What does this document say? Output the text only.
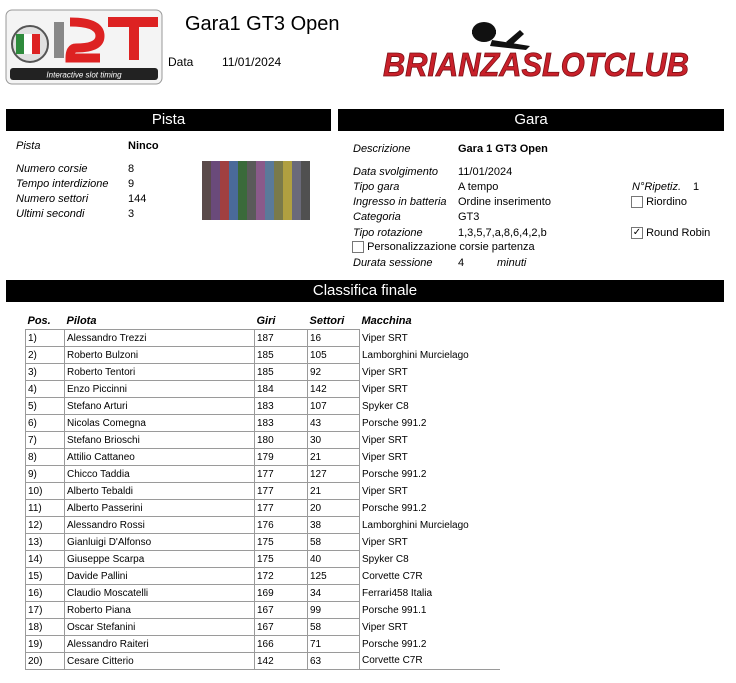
Interactive slot timing
Gara1 GT3 Open
Data 11/01/2024	BRIANZASLOTCLUB
Pista	Gara
Pista	Ninco
Numero corsie	8
Tempo interdizione 9
Numero settori	144
Ultimi secondi	3
Descrizione	Gara 1 GT3 Open
Data svolgimento 11/01/2024
Tipo gara	A tempo
Ingresso in batteria Ordine inserimento
Categoria	GT3
Tipo rotazione	1,3,5,7,a,8,6,4,2,b
Personalizzazione corsie partenza
Durata sessione 4	minuti
N°Ripetiz. 1
Riordino
✓ Round Robin
Classifica finale
Pos.	Pilota	Giri	Settori	Macchina
1)	Alessandro Trezzi	187	16	Viper SRT
2)	Roberto Bulzoni	185	105	Lamborghini Murcielago
3)	Roberto Tentori	185	92	Viper SRT
4)	Enzo Piccinni	184	142	Viper SRT
5)	Stefano Arturi	183	107	Spyker C8
6)	Nicolas Comegna	183	43	Porsche 991.2
7)	Stefano Brioschi	180	30	Viper SRT
8)	Attilio Cattaneo	179	21	Viper SRT
9)	Chicco Taddia	177	127	Porsche 991.2
10)	Alberto Tebaldi	177	21	Viper SRT
11)	Alberto Passerini	177	20	Porsche 991.2
12)	Alessandro Rossi	176	38	Lamborghini Murcielago
13)	Gianluigi D'Alfonso	175	58	Viper SRT
14)	Giuseppe Scarpa	175	40	Spyker C8
15)	Davide Pallini	172	125	Corvette C7R
16)	Claudio Moscatelli	169	34	Ferrari458 Italia
17)	Roberto Piana	167	99	Porsche 991.1
18)	Oscar Stefanini	167	58	Viper SRT
19)	Alessandro Raiteri	166	71	Porsche 991.2
20)	Cesare Citterio	142	63	Corvette C7R
